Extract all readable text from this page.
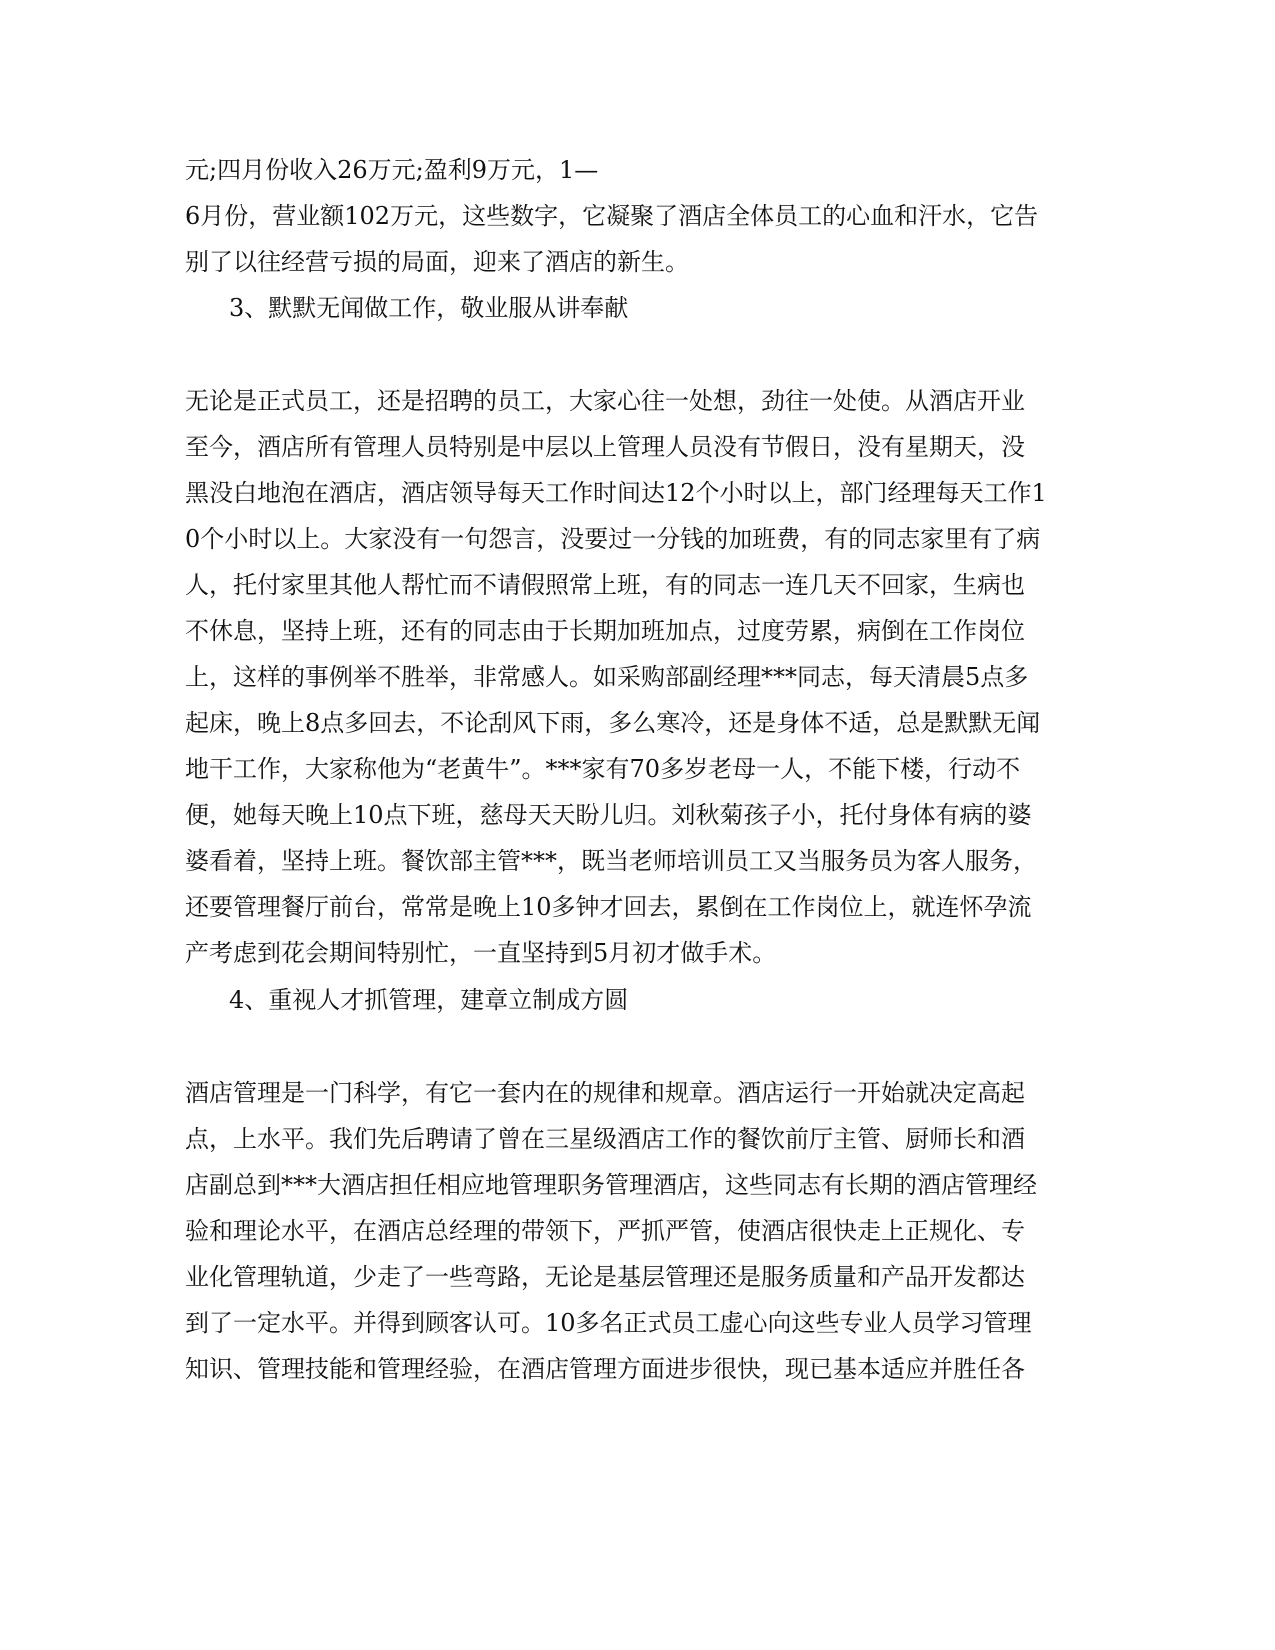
元;四月份收入26万元;盈利9万元，1—
6月份，营业额102万元，这些数字，它凝聚了酒店全体员工的心血和汗水，它告
别了以往经营亏损的局面，迎来了酒店的新生。
3、默默无闻做工作，敬业服从讲奉献
无论是正式员工，还是招聘的员工，大家心往一处想，劲往一处使。从酒店开业
至今，酒店所有管理人员特别是中层以上管理人员没有节假日，没有星期天，没
黑没白地泡在酒店，酒店领导每天工作时间达12个小时以上，部门经理每天工作1
0个小时以上。大家没有一句怨言，没要过一分钱的加班费，有的同志家里有了病
人，托付家里其他人帮忙而不请假照常上班，有的同志一连几天不回家，生病也
不休息，坚持上班，还有的同志由于长期加班加点，过度劳累，病倒在工作岗位
上，这样的事例举不胜举，非常感人。如采购部副经理***同志，每天清晨5点多
起床，晚上8点多回去，不论刮风下雨，多么寒冷，还是身体不适，总是默默无闻
地干工作，大家称他为“老黄牛”。***家有70多岁老母一人，不能下楼，行动不
便，她每天晚上10点下班，慈母天天盼儿归。刘秋菊孩子小，托付身体有病的婆
婆看着，坚持上班。餐饮部主管***，既当老师培训员工又当服务员为客人服务，
还要管理餐厅前台，常常是晚上10多钟才回去，累倒在工作岗位上，就连怀孕流
产考虑到花会期间特别忙，一直坚持到5月初才做手术。
4、重视人才抓管理，建章立制成方圆
酒店管理是一门科学，有它一套内在的规律和规章。酒店运行一开始就决定高起
点，上水平。我们先后聘请了曾在三星级酒店工作的餐饮前厅主管、厨师长和酒
店副总到***大酒店担任相应地管理职务管理酒店，这些同志有长期的酒店管理经
验和理论水平，在酒店总经理的带领下，严抓严管，使酒店很快走上正规化、专
业化管理轨道，少走了一些弯路，无论是基层管理还是服务质量和产品开发都达
到了一定水平。并得到顾客认可。10多名正式员工虚心向这些专业人员学习管理
知识、管理技能和管理经验，在酒店管理方面进步很快，现已基本适应并胜任各
